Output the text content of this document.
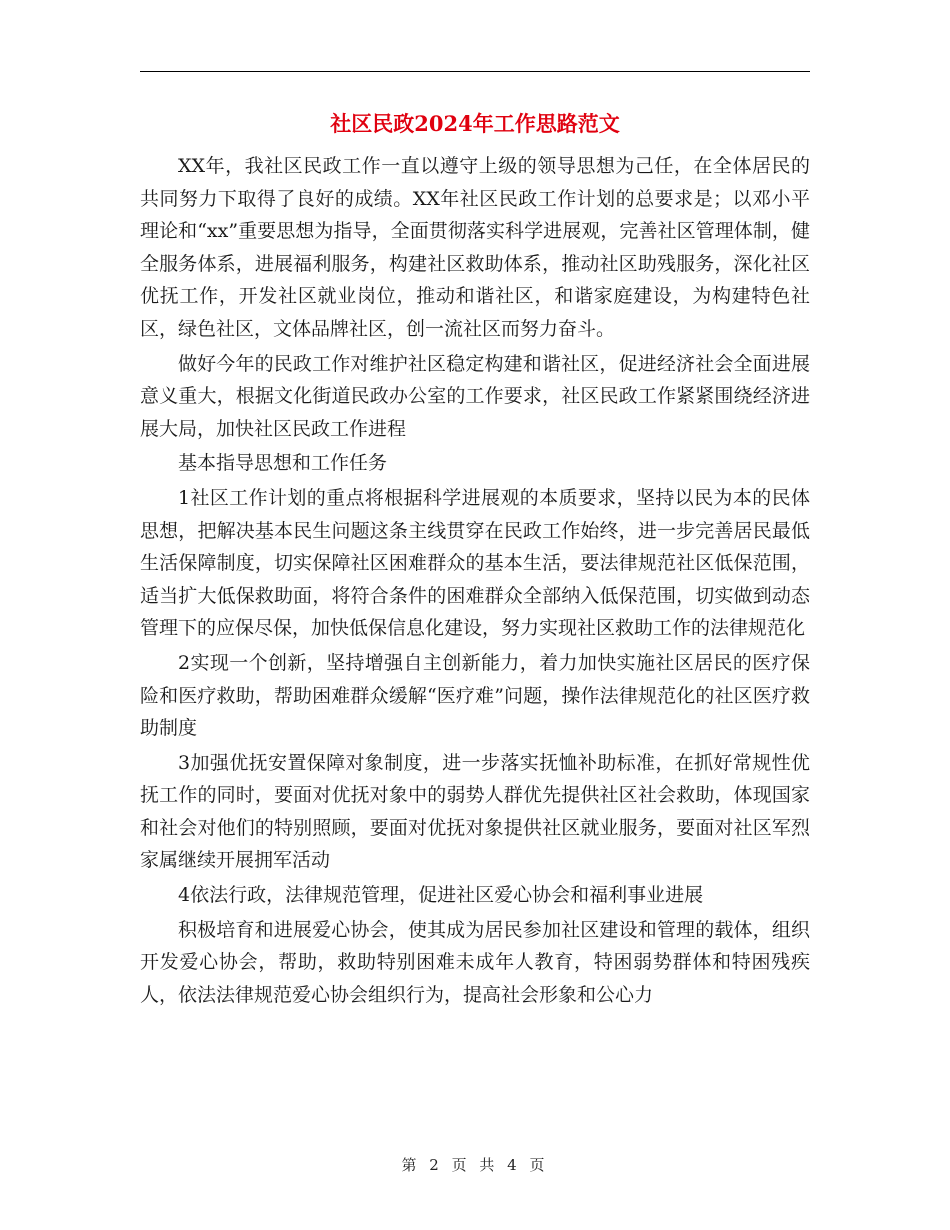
社区民政2024年工作思路范文

XX年，我社区民政工作一直以遵守上级的领导思想为己任，在全体居民的共同努力下取得了良好的成绩。XX年社区民政工作计划的总要求是；以邓小平理论和“xx”重要思想为指导，全面贯彻落实科学进展观，完善社区管理体制，健全服务体系，进展福利服务，构建社区救助体系，推动社区助残服务，深化社区优抚工作，开发社区就业岗位，推动和谐社区，和谐家庭建设，为构建特色社区，绿色社区，文体品牌社区，创一流社区而努力奋斗。

做好今年的民政工作对维护社区稳定构建和谐社区，促进经济社会全面进展意义重大，根据文化街道民政办公室的工作要求，社区民政工作紧紧围绕经济进展大局，加快社区民政工作进程

基本指导思想和工作任务

1社区工作计划的重点将根据科学进展观的本质要求，坚持以民为本的民体思想，把解决基本民生问题这条主线贯穿在民政工作始终，进一步完善居民最低生活保障制度，切实保障社区困难群众的基本生活，要法律规范社区低保范围，适当扩大低保救助面，将符合条件的困难群众全部纳入低保范围，切实做到动态管理下的应保尽保，加快低保信息化建设，努力实现社区救助工作的法律规范化

2实现一个创新，坚持增强自主创新能力，着力加快实施社区居民的医疗保险和医疗救助，帮助困难群众缓解“医疗难”问题，操作法律规范化的社区医疗救助制度

3加强优抚安置保障对象制度，进一步落实抚恤补助标准，在抓好常规性优抚工作的同时，要面对优抚对象中的弱势人群优先提供社区社会救助，体现国家和社会对他们的特别照顾，要面对优抚对象提供社区就业服务，要面对社区军烈家属继续开展拥军活动

4依法行政，法律规范管理，促进社区爱心协会和福利事业进展

积极培育和进展爱心协会，使其成为居民参加社区建设和管理的载体，组织开发爱心协会，帮助，救助特别困难未成年人教育，特困弱势群体和特困残疾人，依法法律规范爱心协会组织行为，提高社会形象和公心力

第 2 页 共 4 页
